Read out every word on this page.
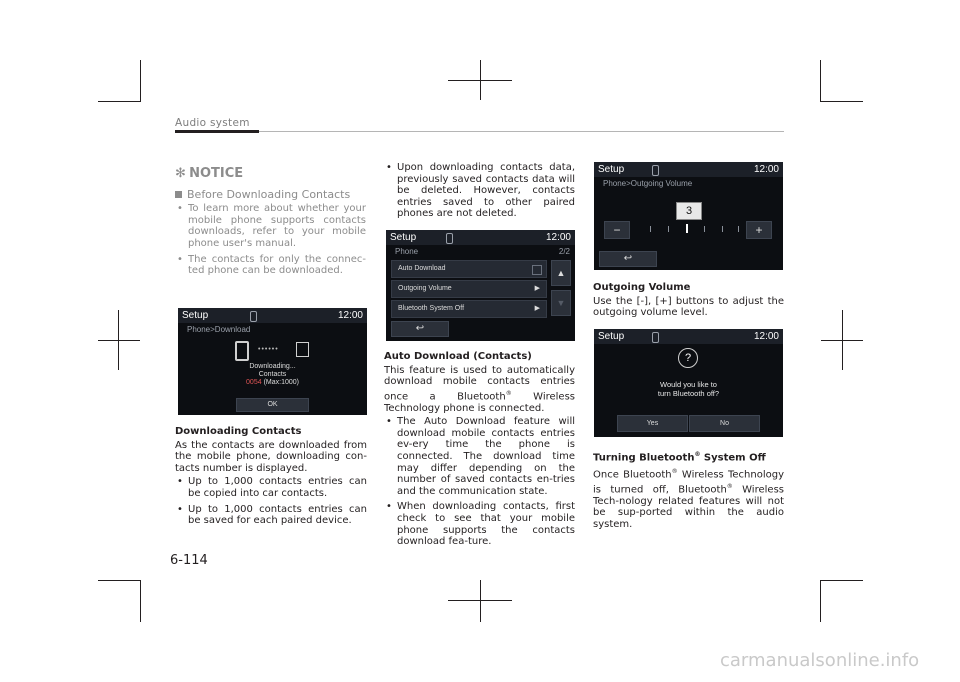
Audio system
✻ NOTICE
Before Downloading Contacts
• To learn more about whether your mobile phone supports contacts downloads, refer to your mobile phone user's manual.
• The contacts for only the connec-ted phone can be downloaded.
Setup	12:00
Phone>Download
••••••
Downloading...
Contacts
0054 (Max:1000)
OK
Downloading Contacts
As the contacts are downloaded from the mobile phone, downloading con-tacts number is displayed.
• Up to 1,000 contacts entries can be copied into car contacts.
• Up to 1,000 contacts entries can be saved for each paired device.
• Upon downloading contacts data, previously saved contacts data will be deleted. However, contacts entries saved to other paired phones are not deleted.
Setup	12:00
Phone	2/2
Auto Download
Outgoing Volume	▶
Bluetooth System Off	▶
▲
▼
↩
Auto Download (Contacts)
This feature is used to automatically download mobile contacts entries once a Bluetooth® Wireless Technology phone is connected.
• The Auto Download feature will download mobile contacts entries ev-ery time the phone is connected. The download time may differ depending on the number of saved contacts en-tries and the communication state.
• When downloading contacts, first check to see that your mobile phone supports the contacts download fea-ture.
Setup	12:00
Phone>Outgoing Volume
3
−	+
↩
Outgoing Volume
Use the [-], [+] buttons to adjust the outgoing volume level.
Setup	12:00
?
Would you like to
turn Bluetooth off?
Yes	No
Turning Bluetooth® System Off
Once Bluetooth® Wireless Technology is turned off, Bluetooth® Wireless Tech-nology related features will not be sup-ported within the audio system.
6-114
carmanualsonline.info
